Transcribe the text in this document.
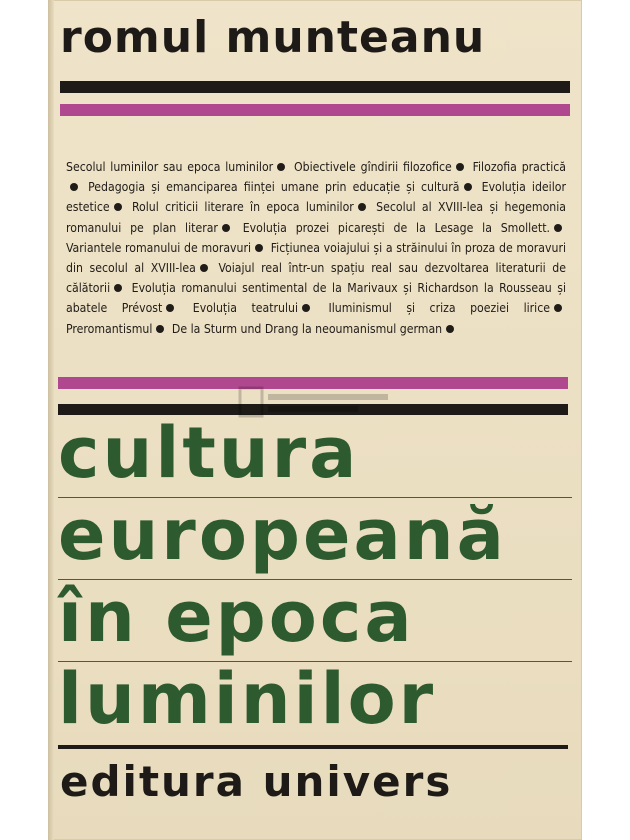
romul munteanu
Secolul luminilor sau epoca luminilor Obiectivele gîndirii filozofice Filozofia practică Pedagogia și emanciparea ființei umane prin educație și cultură Evoluția ideilor estetice Rolul criticii literare în epoca luminilor Secolul al XVIII-lea și hegemonia romanului pe plan literar Evoluția prozei picarești de la Lesage la Smollett. Variantele romanului de moravuri Ficțiunea voiajului și a străinului în proza de moravuri din secolul al XVIII-lea Voiajul real într-un spațiu real sau dezvoltarea literaturii de călătorii Evoluția romanului sentimental de la Marivaux și Richardson la Rousseau și abatele Prévost Evoluția teatrului Iluminismul și criza poeziei lirice Preromantismul De la Sturm und Drang la neoumanismul german
cultura
europeană
în epoca
luminilor
editura univers
